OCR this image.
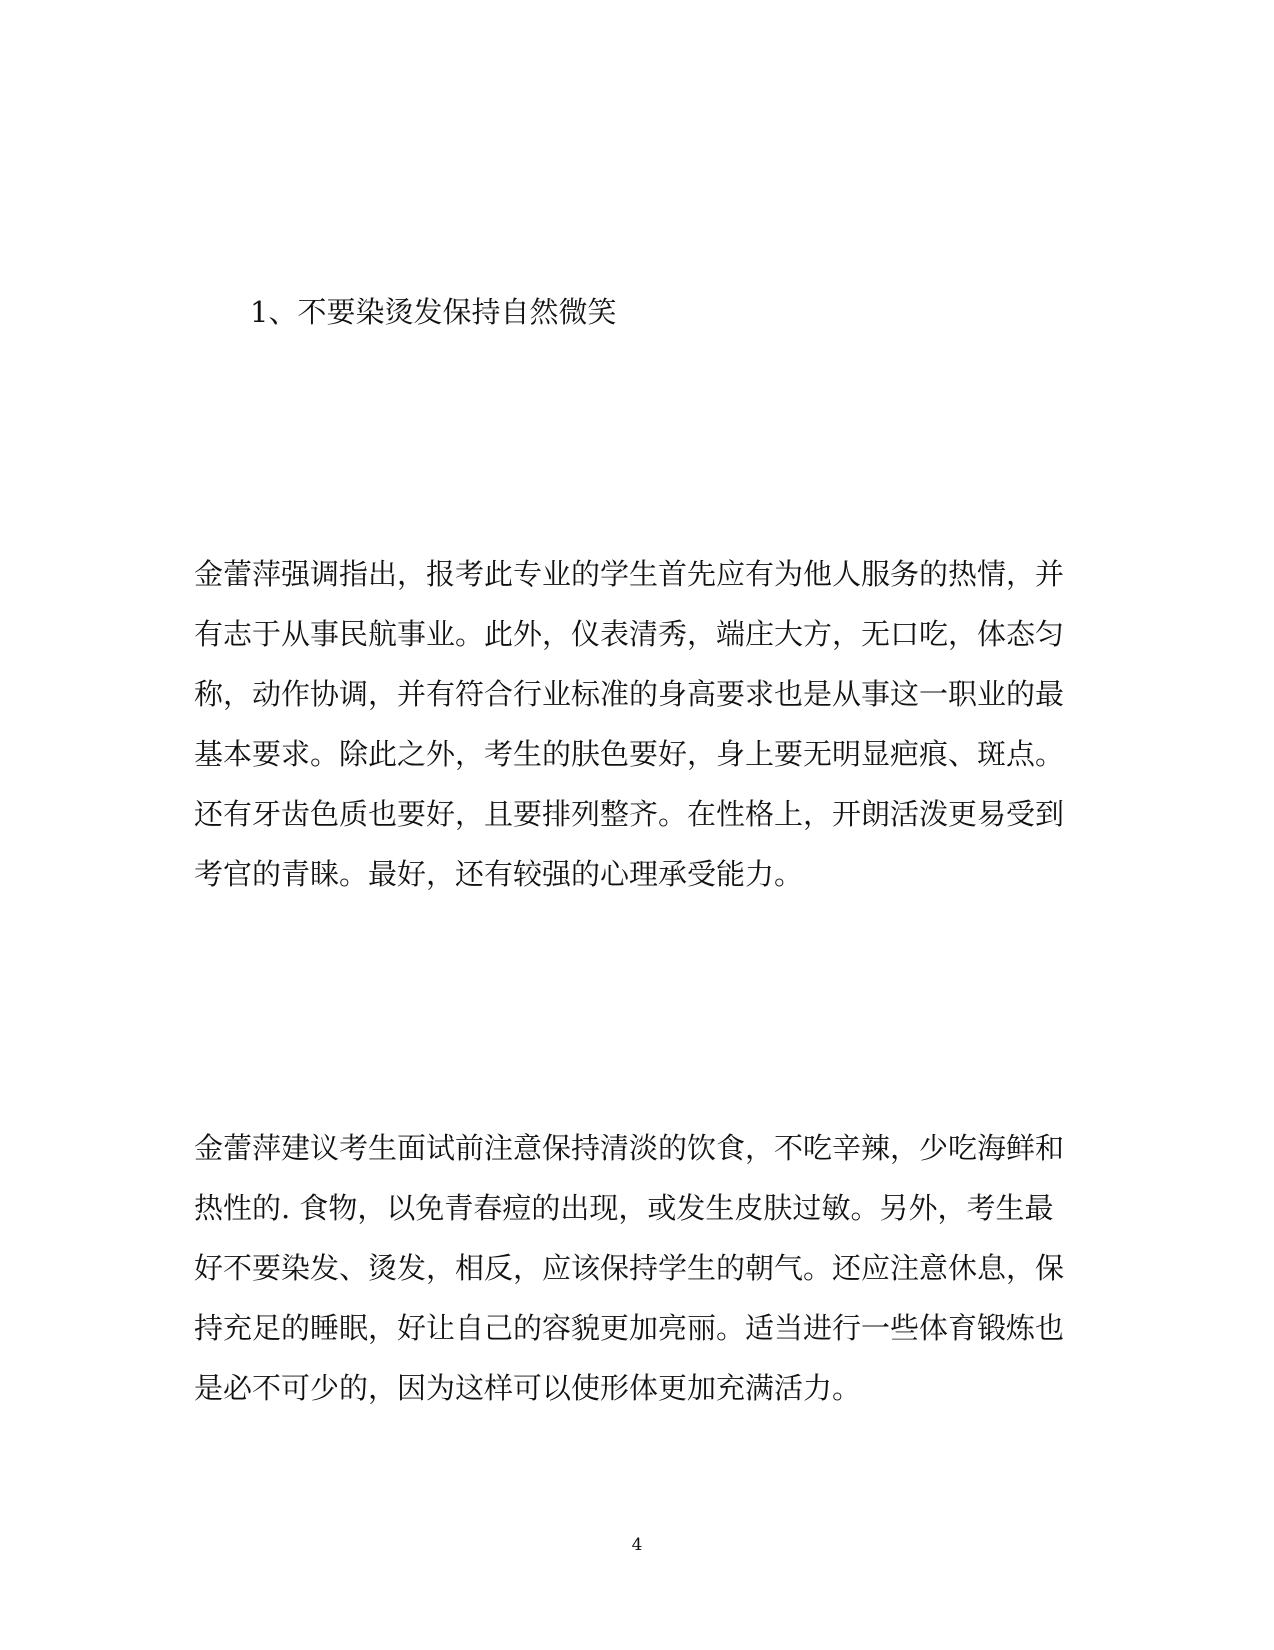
1、不要染烫发保持自然微笑
金蕾萍强调指出，报考此专业的学生首先应有为他人服务的热情，并
有志于从事民航事业。此外，仪表清秀，端庄大方，无口吃，体态匀
称，动作协调，并有符合行业标准的身高要求也是从事这一职业的最
基本要求。除此之外，考生的肤色要好，身上要无明显疤痕、斑点。
还有牙齿色质也要好，且要排列整齐。在性格上，开朗活泼更易受到
考官的青睐。最好，还有较强的心理承受能力。
金蕾萍建议考生面试前注意保持清淡的饮食，不吃辛辣，少吃海鲜和
热性的. 食物，以免青春痘的出现，或发生皮肤过敏。另外，考生最
好不要染发、烫发，相反，应该保持学生的朝气。还应注意休息，保
持充足的睡眠，好让自己的容貌更加亮丽。适当进行一些体育锻炼也
是必不可少的，因为这样可以使形体更加充满活力。
4
